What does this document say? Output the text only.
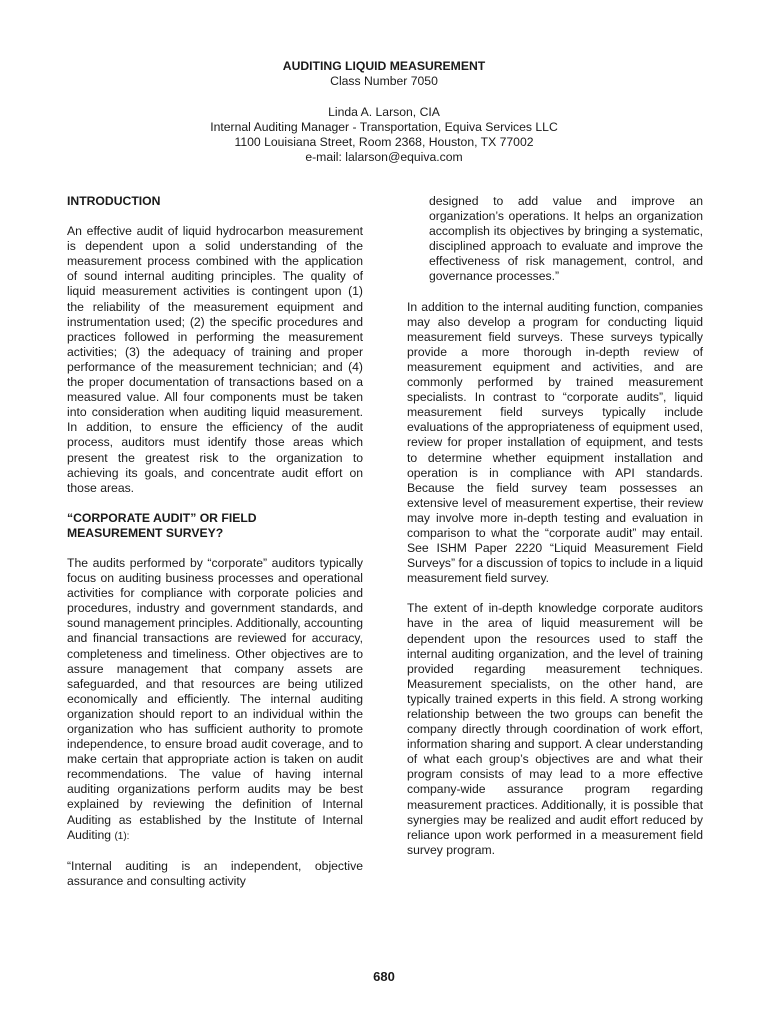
AUDITING LIQUID MEASUREMENT
Class Number 7050
Linda A. Larson, CIA
Internal Auditing Manager - Transportation, Equiva Services LLC
1100 Louisiana Street, Room 2368, Houston, TX 77002
e-mail: lalarson@equiva.com
INTRODUCTION

An effective audit of liquid hydrocarbon measurement is dependent upon a solid understanding of the measurement process combined with the application of sound internal auditing principles. The quality of liquid measurement activities is contingent upon (1) the reliability of the measurement equipment and instrumentation used; (2) the specific procedures and practices followed in performing the measurement activities; (3) the adequacy of training and proper performance of the measurement technician; and (4) the proper documentation of transactions based on a measured value. All four components must be taken into consideration when auditing liquid measurement. In addition, to ensure the efficiency of the audit process, auditors must identify those areas which present the greatest risk to the organization to achieving its goals, and concentrate audit effort on those areas.

“CORPORATE AUDIT” OR FIELD
MEASUREMENT SURVEY?

The audits performed by “corporate” auditors typically focus on auditing business processes and operational activities for compliance with corporate policies and procedures, industry and government standards, and sound management principles. Additionally, accounting and financial transactions are reviewed for accuracy, completeness and timeliness. Other objectives are to assure management that company assets are safeguarded, and that resources are being utilized economically and efficiently. The internal auditing organization should report to an individual within the organization who has sufficient authority to promote independence, to ensure broad audit coverage, and to make certain that appropriate action is taken on audit recommendations. The value of having internal auditing organizations perform audits may be best explained by reviewing the definition of Internal Auditing as established by the Institute of Internal Auditing (1):

“Internal auditing is an independent, objective assurance and consulting activity

designed to add value and improve an organization’s operations. It helps an organization accomplish its objectives by bringing a systematic, disciplined approach to evaluate and improve the effectiveness of risk management, control, and governance processes.”

In addition to the internal auditing function, companies may also develop a program for conducting liquid measurement field surveys. These surveys typically provide a more thorough in-depth review of measurement equipment and activities, and are commonly performed by trained measurement specialists. In contrast to “corporate audits”, liquid measurement field surveys typically include evaluations of the appropriateness of equipment used, review for proper installation of equipment, and tests to determine whether equipment installation and operation is in compliance with API standards. Because the field survey team possesses an extensive level of measurement expertise, their review may involve more in-depth testing and evaluation in comparison to what the “corporate audit” may entail. See ISHM Paper 2220 “Liquid Measurement Field Surveys” for a discussion of topics to include in a liquid measurement field survey.

The extent of in-depth knowledge corporate auditors have in the area of liquid measurement will be dependent upon the resources used to staff the internal auditing organization, and the level of training provided regarding measurement techniques. Measurement specialists, on the other hand, are typically trained experts in this field. A strong working relationship between the two groups can benefit the company directly through coordination of work effort, information sharing and support. A clear understanding of what each group’s objectives are and what their program consists of may lead to a more effective company-wide assurance program regarding measurement practices. Additionally, it is possible that synergies may be realized and audit effort reduced by reliance upon work performed in a measurement field survey program.

680
